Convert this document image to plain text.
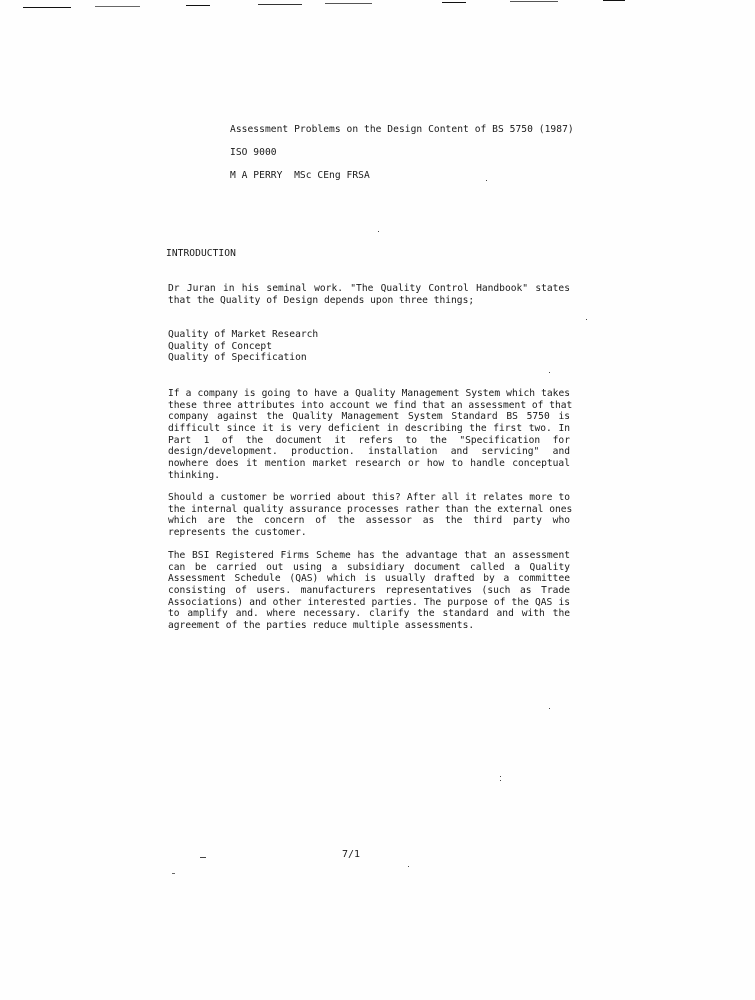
Assessment Problems on the Design Content of BS 5750 (1987)
ISO 9000
M A PERRY  MSc CEng FRSA
INTRODUCTION
Dr Juran in his seminal work. "The Quality Control Handbook" states
that the Quality of Design depends upon three things;
Quality of Market Research
Quality of Concept
Quality of Specification
If a company is going to have a Quality Management System which takes
these three attributes into account we find that an assessment of that
company against the Quality Management System Standard BS 5750 is
difficult since it is very deficient in describing the first two. In
Part 1 of the document it refers to the "Specification for
design/development. production. installation and servicing" and
nowhere does it mention market research or how to handle conceptual
thinking.
Should a customer be worried about this? After all it relates more to
the internal quality assurance processes rather than the external ones
which are the concern of the assessor as the third party who
represents the customer.
The BSI Registered Firms Scheme has the advantage that an assessment
can be carried out using a subsidiary document called a Quality
Assessment Schedule (QAS) which is usually drafted by a committee
consisting of users. manufacturers representatives (such as Trade
Associations) and other interested parties. The purpose of the QAS is
to amplify and. where necessary. clarify the standard and with the
agreement of the parties reduce multiple assessments.
7/1
